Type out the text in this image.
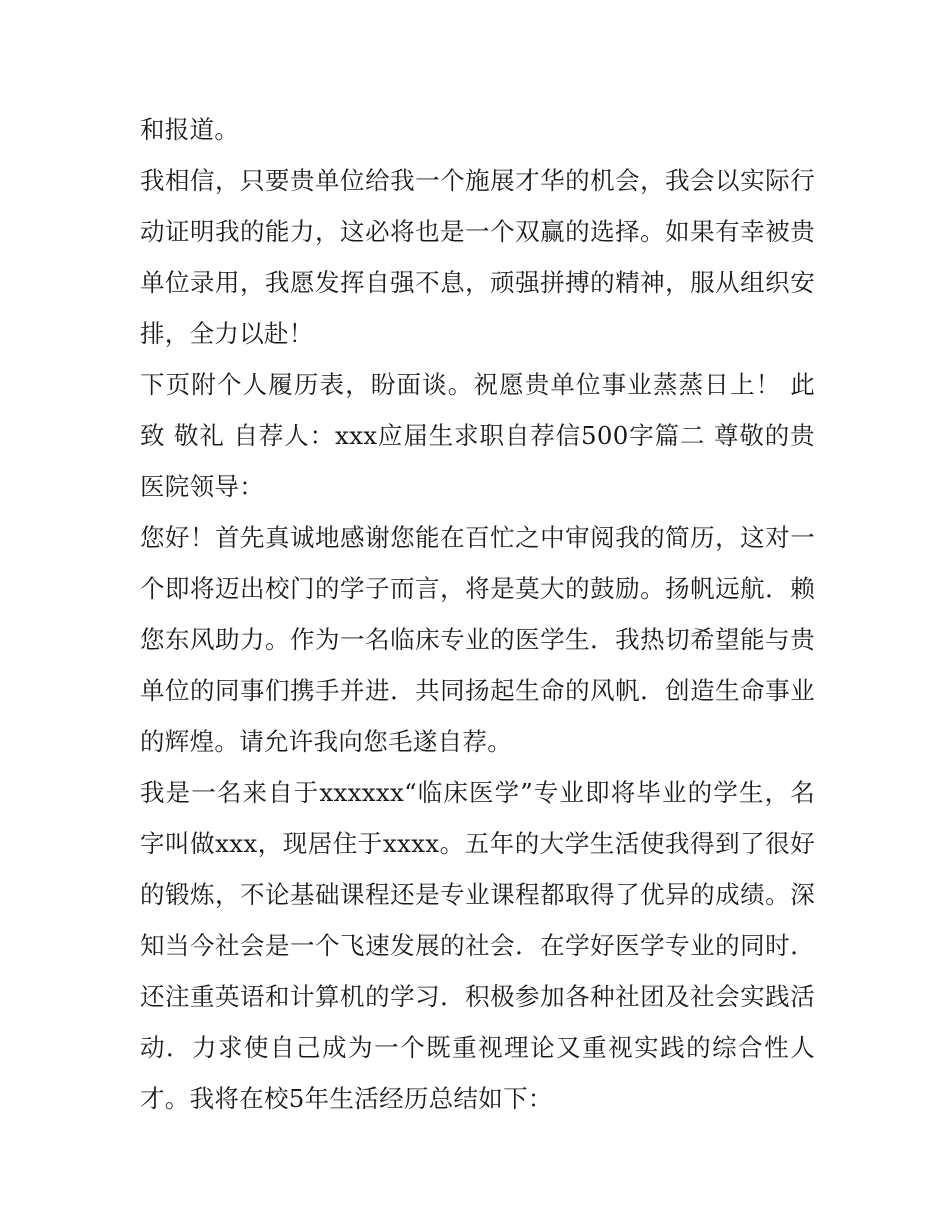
和报道。

我相信，只要贵单位给我一个施展才华的机会，我会以实际行动证明我的能力，这必将也是一个双赢的选择。如果有幸被贵单位录用，我愿发挥自强不息，顽强拼搏的精神，服从组织安排，全力以赴！

下页附个人履历表，盼面谈。祝愿贵单位事业蒸蒸日上！ 此致 敬礼 自荐人：xxx应届生求职自荐信500字篇二 尊敬的贵医院领导：

您好！首先真诚地感谢您能在百忙之中审阅我的简历，这对一个即将迈出校门的学子而言，将是莫大的鼓励。扬帆远航．赖您东风助力。作为一名临床专业的医学生．我热切希望能与贵单位的同事们携手并进．共同扬起生命的风帆．创造生命事业的辉煌。请允许我向您毛遂自荐。

我是一名来自于xxxxxx“临床医学”专业即将毕业的学生，名字叫做xxx，现居住于xxxx。五年的大学生活使我得到了很好的锻炼，不论基础课程还是专业课程都取得了优异的成绩。深知当今社会是一个飞速发展的社会．在学好医学专业的同时．还注重英语和计算机的学习．积极参加各种社团及社会实践活动．力求使自己成为一个既重视理论又重视实践的综合性人才。我将在校5年生活经历总结如下：
